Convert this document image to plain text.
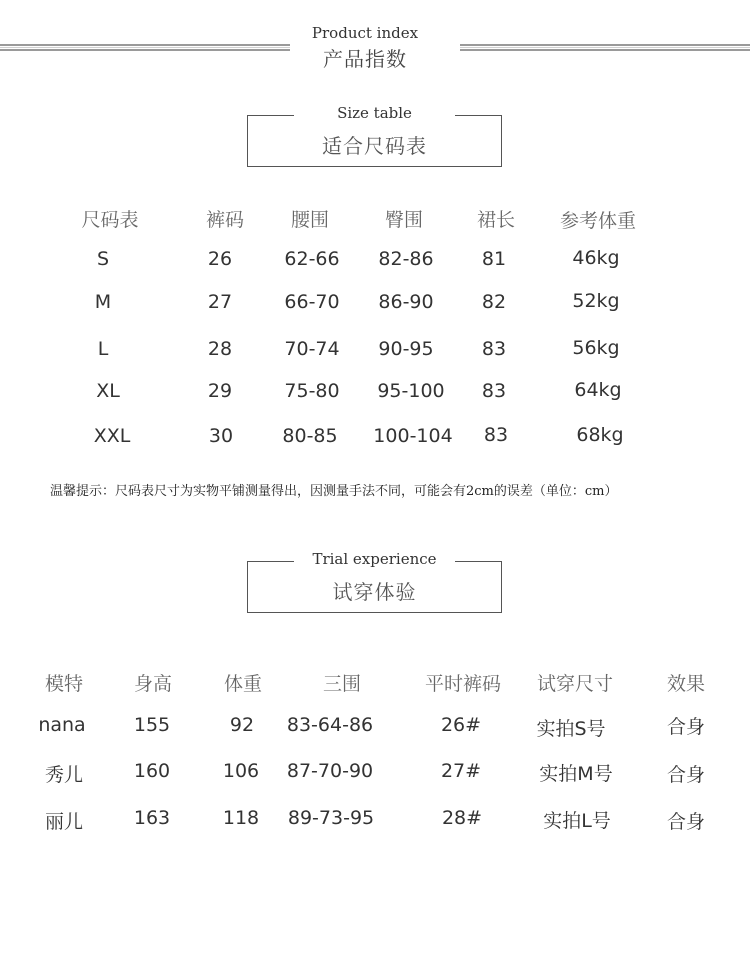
Product index
产品指数
Size table
适合尺码表
尺码表	裤码 腰围	臀围	裙长 参考体重
S	26	62-66 82-86	81	46kg
M	27	66-70 86-90	82	52kg
L	28	70-74 90-95	83	56kg
XL	29	75-80 95-100 83	64kg
XXL	30	80-85 100-104 83	68kg
温馨提示：尺码表尺寸为实物平铺测量得出，因测量手法不同，可能会有2cm的误差（单位：cm）
Trial experience
试穿体验
模特	身高	体重	三围	平时裤码 试穿尺寸	效果
nana	155	92 83-64-86	26#	实拍S号	合身
秀儿	160	106 87-70-90	27#	实拍M号	合身
丽儿	163	118 89-73-95	28#	实拍L号	合身
